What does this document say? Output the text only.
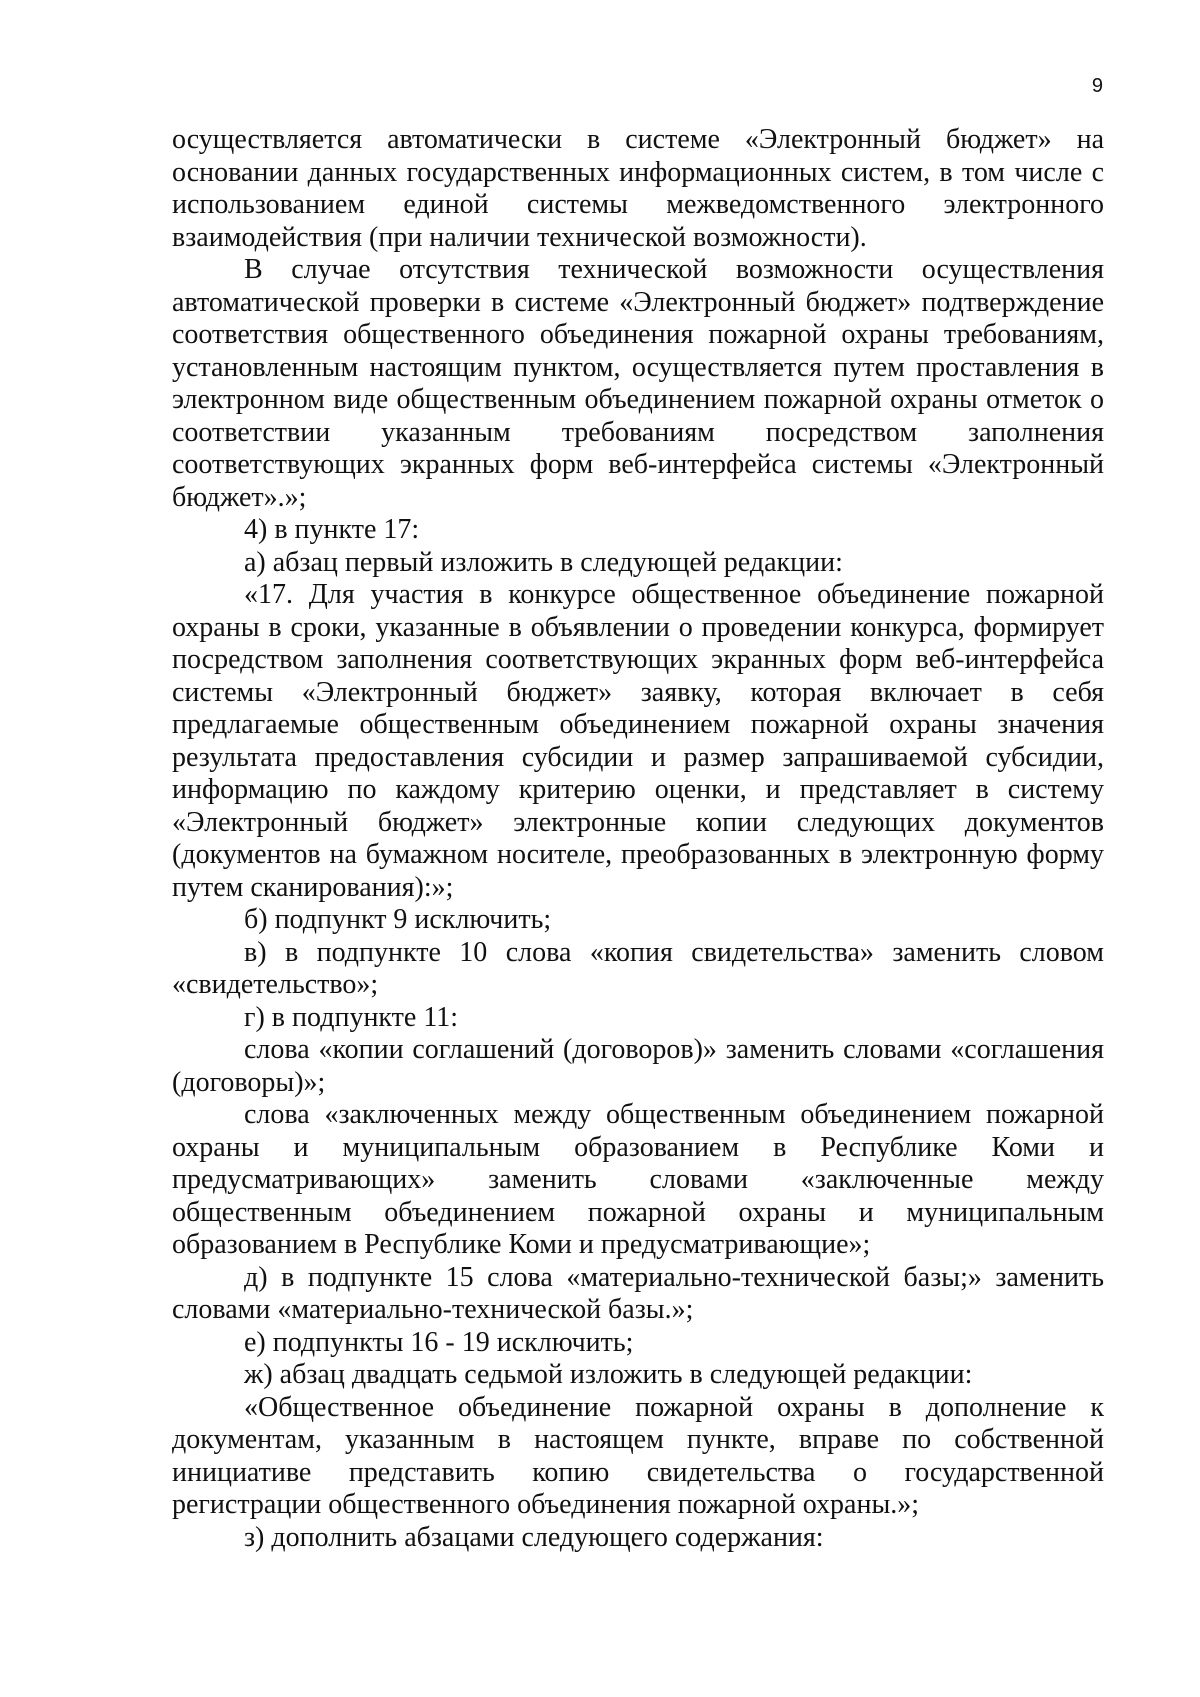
9

осуществляется автоматически в системе «Электронный бюджет» на основании данных государственных информационных систем, в том числе с использованием единой системы межведомственного электронного взаимодействия (при наличии технической возможности).

В случае отсутствия технической возможности осуществления автоматической проверки в системе «Электронный бюджет» подтверждение соответствия общественного объединения пожарной охраны требованиям, установленным настоящим пунктом, осуществляется путем проставления в электронном виде общественным объединением пожарной охраны отметок о соответствии указанным требованиям посредством заполнения соответствующих экранных форм веб-интерфейса системы «Электронный бюджет».»;

4) в пункте 17:

а) абзац первый изложить в следующей редакции:

«17. Для участия в конкурсе общественное объединение пожарной охраны в сроки, указанные в объявлении о проведении конкурса, формирует посредством заполнения соответствующих экранных форм веб-интерфейса системы «Электронный бюджет» заявку, которая включает в себя предлагаемые общественным объединением пожарной охраны значения результата предоставления субсидии и размер запрашиваемой субсидии, информацию по каждому критерию оценки, и представляет в систему «Электронный бюджет» электронные копии следующих документов (документов на бумажном носителе, преобразованных в электронную форму путем сканирования):»;

б) подпункт 9 исключить;

в) в подпункте 10 слова «копия свидетельства» заменить словом «свидетельство»;

г) в подпункте 11:

слова «копии соглашений (договоров)» заменить словами «соглашения (договоры)»;

слова «заключенных между общественным объединением пожарной охраны и муниципальным образованием в Республике Коми и предусматривающих» заменить словами «заключенные между общественным объединением пожарной охраны и муниципальным образованием в Республике Коми и предусматривающие»;

д) в подпункте 15 слова «материально-технической базы;» заменить словами «материально-технической базы.»;

е) подпункты 16 - 19 исключить;

ж) абзац двадцать седьмой изложить в следующей редакции:

«Общественное объединение пожарной охраны в дополнение к документам, указанным в настоящем пункте, вправе по собственной инициативе представить копию свидетельства о государственной регистрации общественного объединения пожарной охраны.»;

з) дополнить абзацами следующего содержания:
